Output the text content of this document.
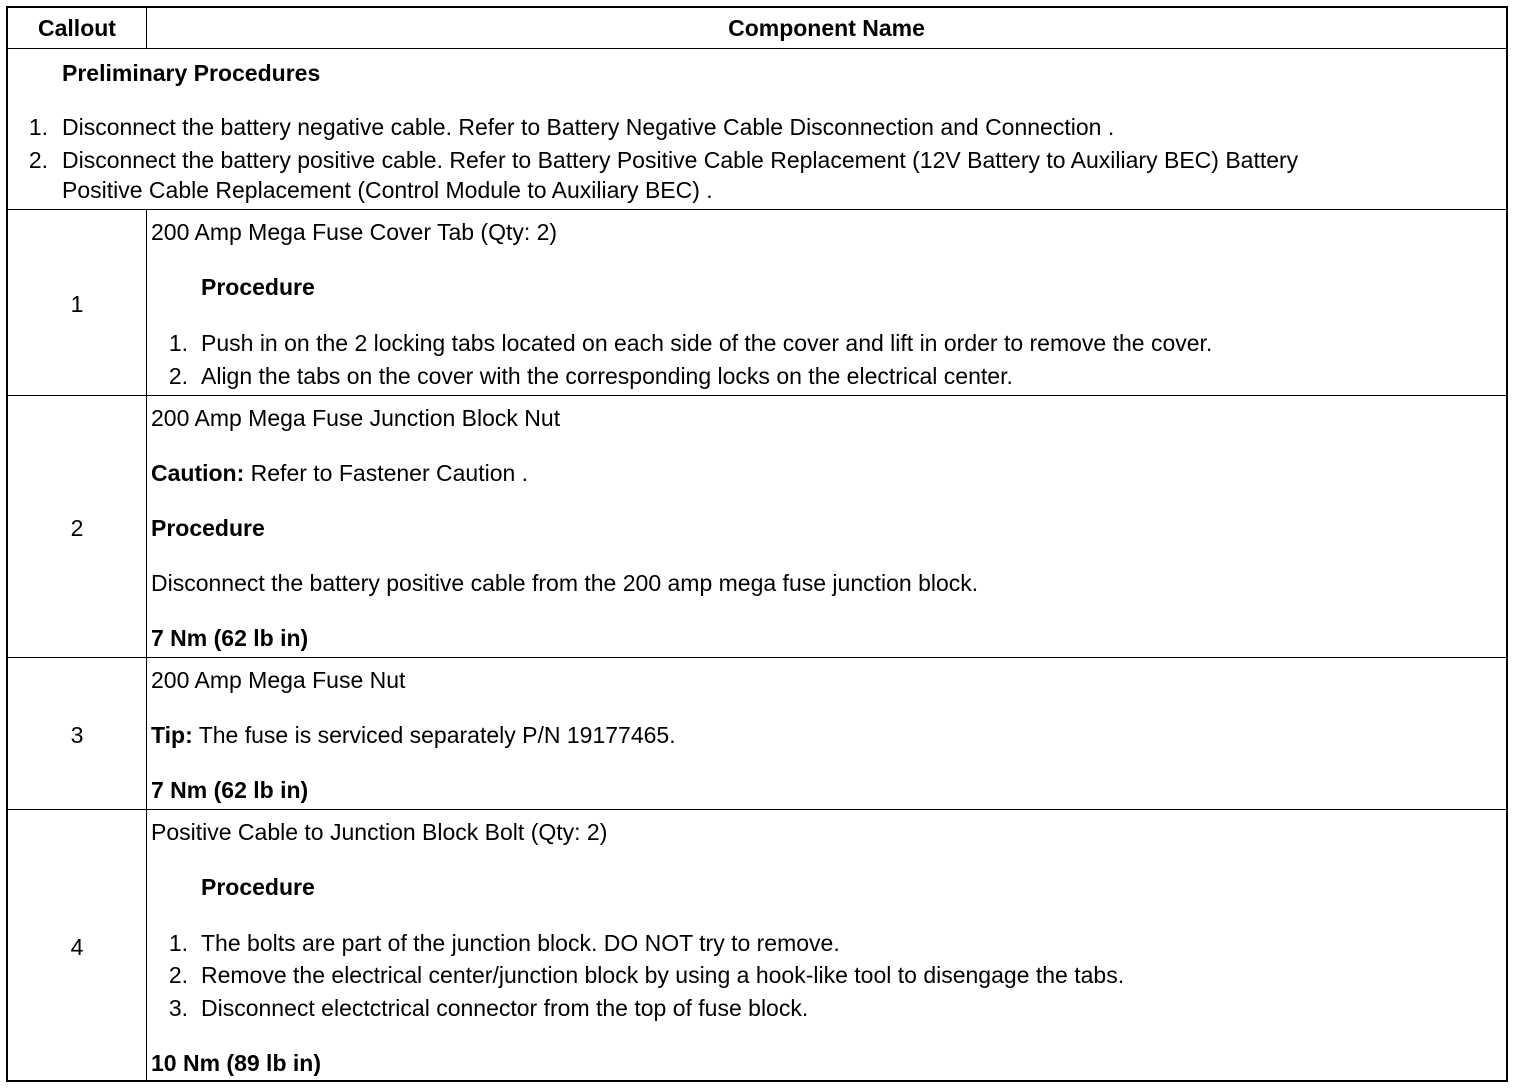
Callout	Component Name
Preliminary Procedures
1. Disconnect the battery negative cable. Refer to Battery Negative Cable Disconnection and Connection .
2. Disconnect the battery positive cable. Refer to Battery Positive Cable Replacement (12V Battery to Auxiliary BEC) Battery
Positive Cable Replacement (Control Module to Auxiliary BEC) .
1
200 Amp Mega Fuse Cover Tab (Qty: 2)
Procedure
1. Push in on the 2 locking tabs located on each side of the cover and lift in order to remove the cover.
2. Align the tabs on the cover with the corresponding locks on the electrical center.
2
200 Amp Mega Fuse Junction Block Nut
Caution: Refer to Fastener Caution .
Procedure
Disconnect the battery positive cable from the 200 amp mega fuse junction block.
7 Nm (62 lb in)
3
200 Amp Mega Fuse Nut
Tip: The fuse is serviced separately P/N 19177465.
7 Nm (62 lb in)
4
Positive Cable to Junction Block Bolt (Qty: 2)
Procedure
1. The bolts are part of the junction block. DO NOT try to remove.
2. Remove the electrical center/junction block by using a hook-like tool to disengage the tabs.
3. Disconnect electctrical connector from the top of fuse block.
10 Nm (89 lb in)
